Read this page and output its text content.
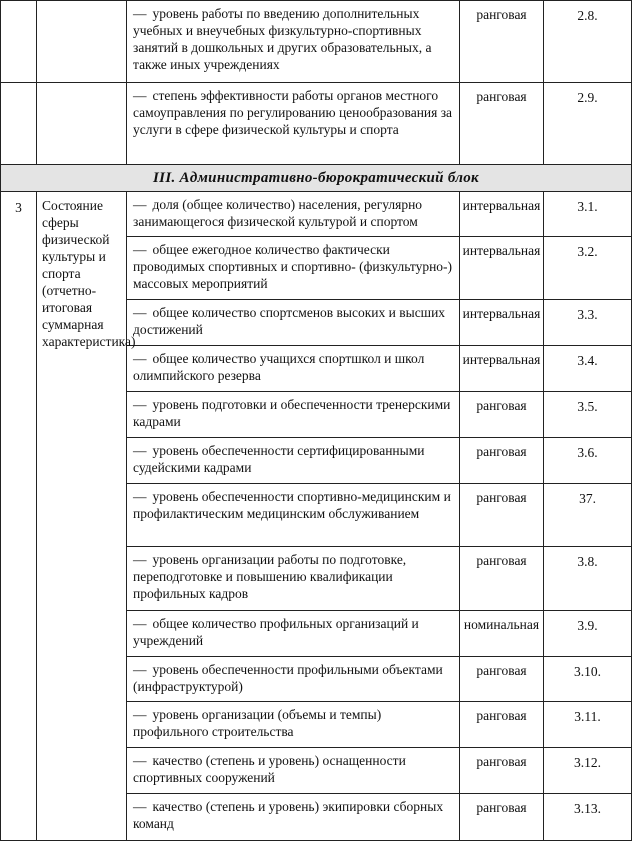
		— уровень работы по введению дополнительных учебных и внеучебных физкультурно-спортивных занятий в дошкольных и других образовательных, а также иных учреждениях	ранговая	2.8.
		— степень эффективности работы органов местного самоуправления по регулированию ценообразования за услуги в сфере физической культуры и спорта	ранговая	2.9.
III. Административно-бюрократический блок				
3	Состояние сферы физической культуры и спорта (отчетно-итоговая суммарная характеристика)	— доля (общее количество) населения, регулярно занимающегося физической культурой и спортом	интервальная	3.1.
		— общее ежегодное количество фактически проводимых спортивных и спортивно- (физкультурно-) массовых мероприятий	интервальная	3.2.
		— общее количество спортсменов высоких и высших достижений	интервальная	3.3.
		— общее количество учащихся спортшкол и школ олимпийского резерва	интервальная	3.4.
		— уровень подготовки и обеспеченности тренерскими кадрами	ранговая	3.5.
		— уровень обеспеченности сертифицированными судейскими кадрами	ранговая	3.6.
		— уровень обеспеченности спортивно-медицинским и профилактическим медицинским обслуживанием	ранговая	37.
		— уровень организации работы по подготовке, переподготовке и повышению квалификации профильных кадров	ранговая	3.8.
		— общее количество профильных организаций и учреждений	номинальная	3.9.
		— уровень обеспеченности профильными объектами (инфраструктурой)	ранговая	3.10.
		— уровень организации (объемы и темпы) профильного строительства	ранговая	3.11.
		— качество (степень и уровень) оснащенности спортивных сооружений	ранговая	3.12.
		— качество (степень и уровень) экипировки сборных команд	ранговая	3.13.
